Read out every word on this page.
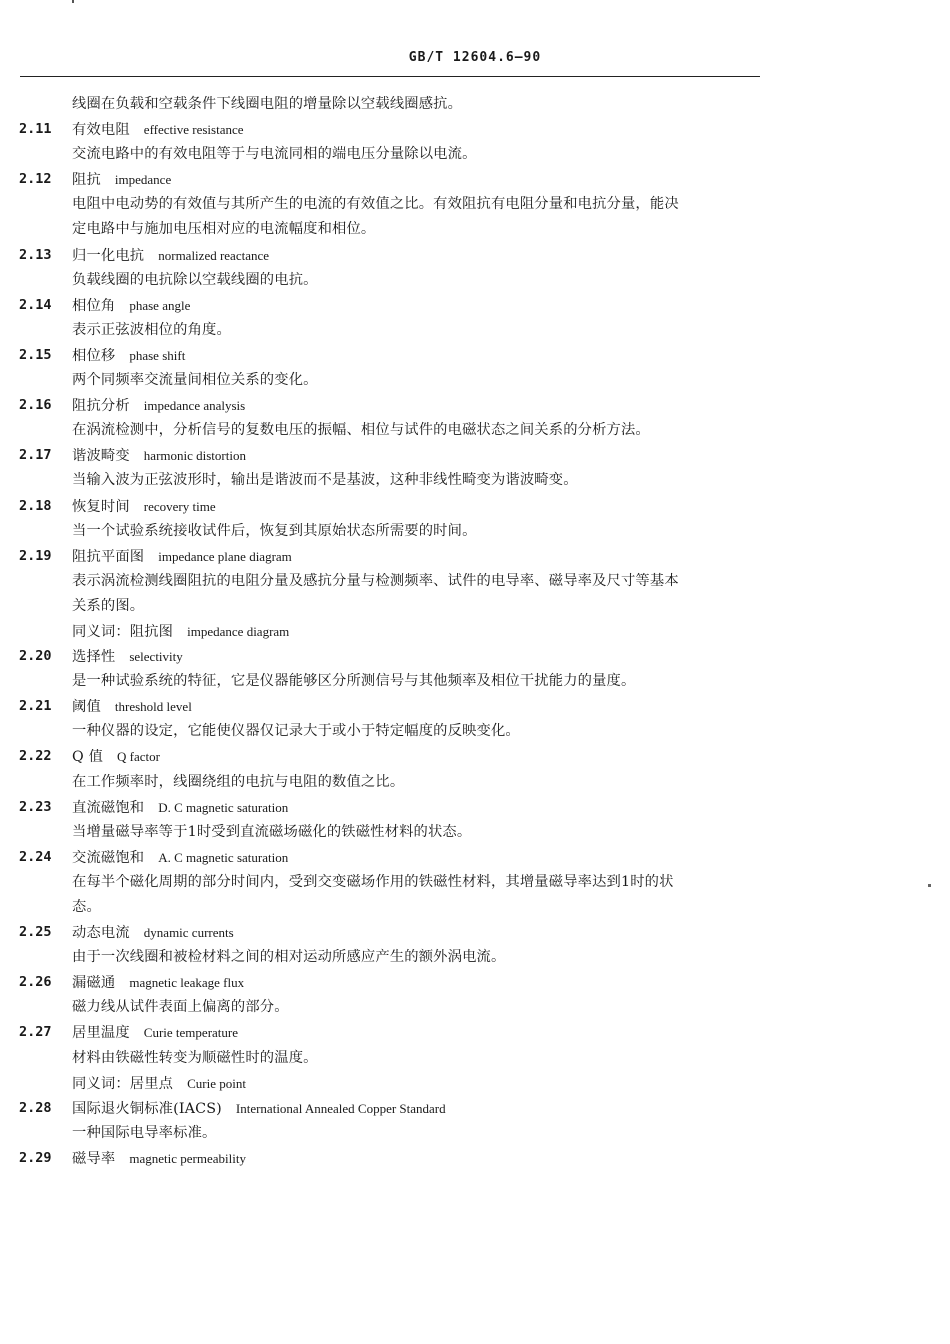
GB/T 12604.6—90
线圈在负载和空载条件下线圈电阻的增量除以空载线圈感抗。
2.11 有效电阻 effective resistance
交流电路中的有效电阻等于与电流同相的端电压分量除以电流。
2.12 阻抗 impedance
电阻中电动势的有效值与其所产生的电流的有效值之比。有效阻抗有电阻分量和电抗分量，能决
定电路中与施加电压相对应的电流幅度和相位。
2.13 归一化电抗 normalized reactance
负载线圈的电抗除以空载线圈的电抗。
2.14 相位角 phase angle
表示正弦波相位的角度。
2.15 相位移 phase shift
两个同频率交流量间相位关系的变化。
2.16 阻抗分析 impedance analysis
在涡流检测中，分析信号的复数电压的振幅、相位与试件的电磁状态之间关系的分析方法。
2.17 谐波畸变 harmonic distortion
当输入波为正弦波形时，输出是谐波而不是基波，这种非线性畸变为谐波畸变。
2.18 恢复时间 recovery time
当一个试验系统接收试件后，恢复到其原始状态所需要的时间。
2.19 阻抗平面图 impedance plane diagram
表示涡流检测线圈阻抗的电阻分量及感抗分量与检测频率、试件的电导率、磁导率及尺寸等基本
关系的图。
同义词：阻抗图 impedance diagram
2.20 选择性 selectivity
是一种试验系统的特征，它是仪器能够区分所测信号与其他频率及相位干扰能力的量度。
2.21 阈值 threshold level
一种仪器的设定，它能使仪器仅记录大于或小于特定幅度的反映变化。
2.22 Q 值 Q factor
在工作频率时，线圈绕组的电抗与电阻的数值之比。
2.23 直流磁饱和 D. C magnetic saturation
当增量磁导率等于1时受到直流磁场磁化的铁磁性材料的状态。
2.24 交流磁饱和 A. C magnetic saturation
在每半个磁化周期的部分时间内，受到交变磁场作用的铁磁性材料，其增量磁导率达到1时的状
态。
2.25 动态电流 dynamic currents
由于一次线圈和被检材料之间的相对运动所感应产生的额外涡电流。
2.26 漏磁通 magnetic leakage flux
磁力线从试件表面上偏离的部分。
2.27 居里温度 Curie temperature
材料由铁磁性转变为顺磁性时的温度。
同义词：居里点 Curie point
2.28 国际退火铜标准(IACS) International Annealed Copper Standard
一种国际电导率标准。
2.29 磁导率 magnetic permeability
